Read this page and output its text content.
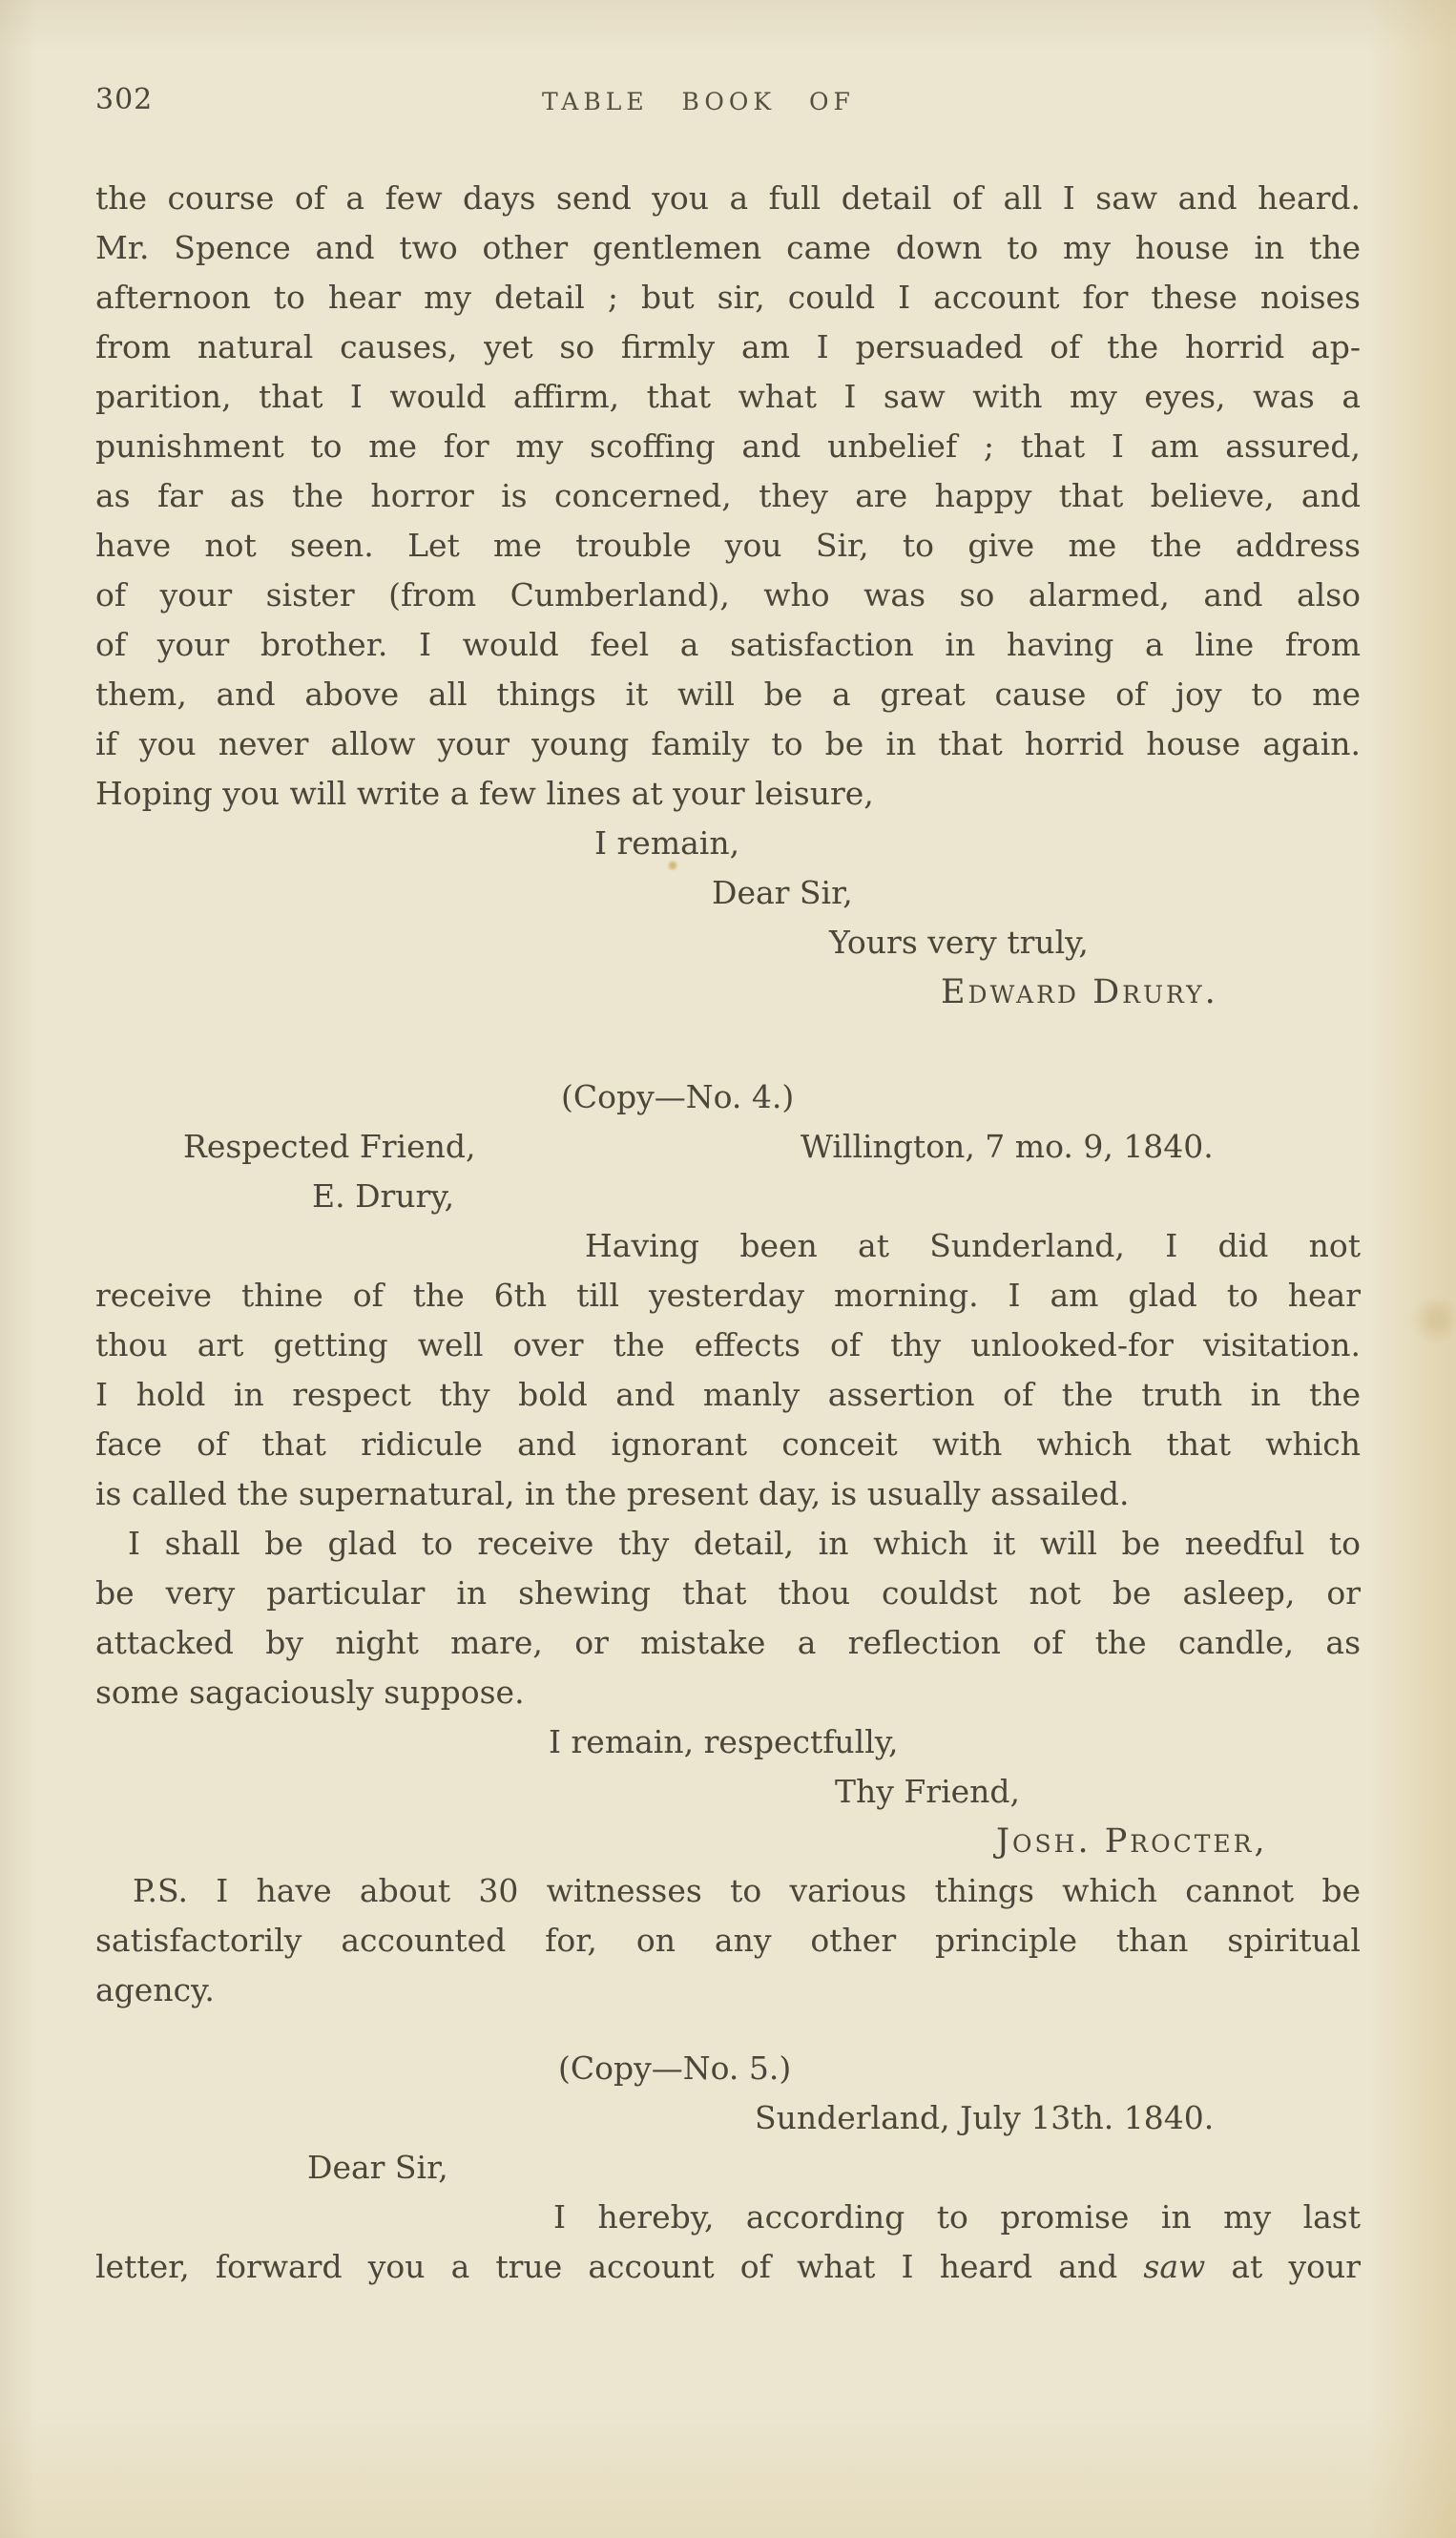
302	TABLE BOOK OF
the course of a few days send you a full detail of all I saw and heard.
Mr. Spence and two other gentlemen came down to my house in the
afternoon to hear my detail ; but sir, could I account for these noises
from natural causes, yet so firmly am I persuaded of the horrid ap-
parition, that I would affirm, that what I saw with my eyes, was a
punishment to me for my scoffing and unbelief ; that I am assured,
as far as the horror is concerned, they are happy that believe, and
have not seen. Let me trouble you Sir, to give me the address
of your sister (from Cumberland), who was so alarmed, and also
of your brother. I would feel a satisfaction in having a line from
them, and above all things it will be a great cause of joy to me
if you never allow your young family to be in that horrid house again.
Hoping you will write a few lines at your leisure,
I remain,
Dear Sir,
Yours very truly,
Edward Drury.
(Copy—No. 4.)
Respected Friend,	Willington, 7 mo. 9, 1840.
E. Drury,
Having been at Sunderland, I did not
receive thine of the 6th till yesterday morning. I am glad to hear
thou art getting well over the effects of thy unlooked-for visitation.
I hold in respect thy bold and manly assertion of the truth in the
face of that ridicule and ignorant conceit with which that which
is called the supernatural, in the present day, is usually assailed.
I shall be glad to receive thy detail, in which it will be needful to
be very particular in shewing that thou couldst not be asleep, or
attacked by night mare, or mistake a reflection of the candle, as
some sagaciously suppose.
I remain, respectfully,
Thy Friend,
Josh. Procter,
P.S. I have about 30 witnesses to various things which cannot be
satisfactorily accounted for, on any other principle than spiritual
agency.
(Copy—No. 5.)
Sunderland, July 13th. 1840.
Dear Sir,
I hereby, according to promise in my last
letter, forward you a true account of what I heard and saw at your
